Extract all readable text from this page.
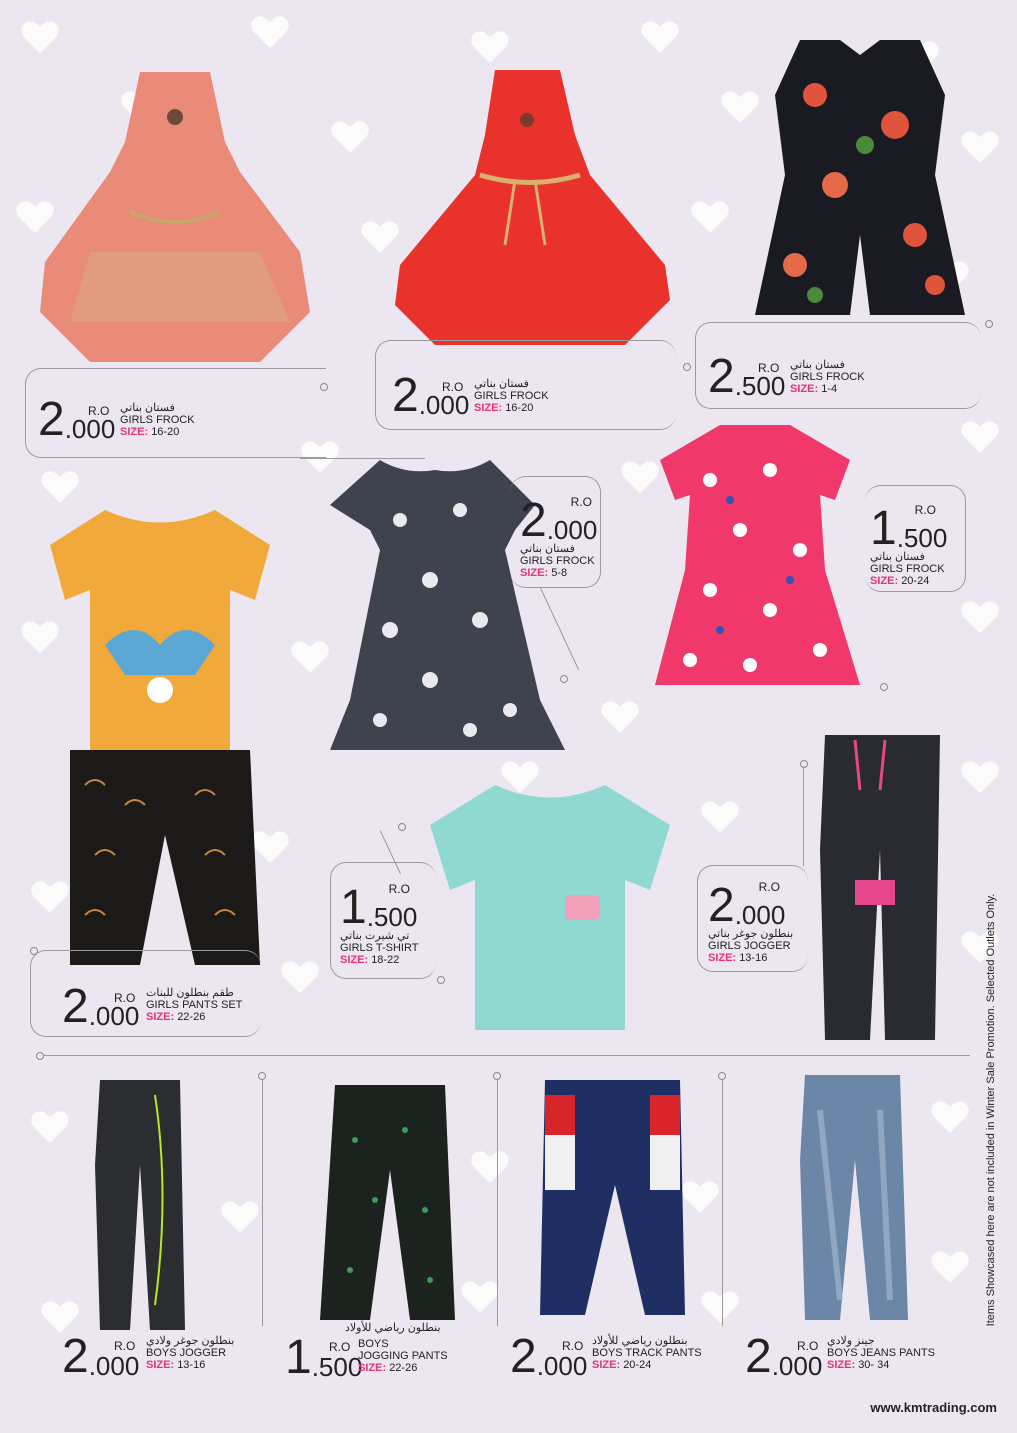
2.000
R.O فستان بناتي
GIRLS FROCK
SIZE: 16-20
2.000
R.O فستان بناتي
GIRLS FROCK
SIZE: 16-20
2.500
R.O فستان بناتي
GIRLS FROCK
SIZE: 1-4
R.O
2.000
فستان بناتي
GIRLS FROCK
SIZE: 5-8
R.O
1.500
فستان بناتي
GIRLS FROCK
SIZE: 20-24
2.000
R.O طقم بنطلون للبنات
GIRLS PANTS SET
SIZE: 22-26
R.O
1.500
تي شيرت بناتي
GIRLS T-SHIRT
SIZE: 18-22
R.O
2.000
بنطلون جوغر بناتي
GIRLS JOGGER
SIZE: 13-16
2.000
R.O بنطلون جوغر ولادي
BOYS JOGGER
SIZE: 13-16
بنطلون رياضي للأولاد
1.500
R.O BOYS
JOGGING PANTS
SIZE: 22-26	2.000
R.O بنطلون رياضي للأولاد
BOYS TRACK PANTS
SIZE: 20-24	2.000
R.O جينز ولادي
BOYS JEANS PANTS
SIZE: 30- 34
Items Showcased here are not included in Winter Sale Promotion. Selected Outlets Only.
www.kmtrading.com
